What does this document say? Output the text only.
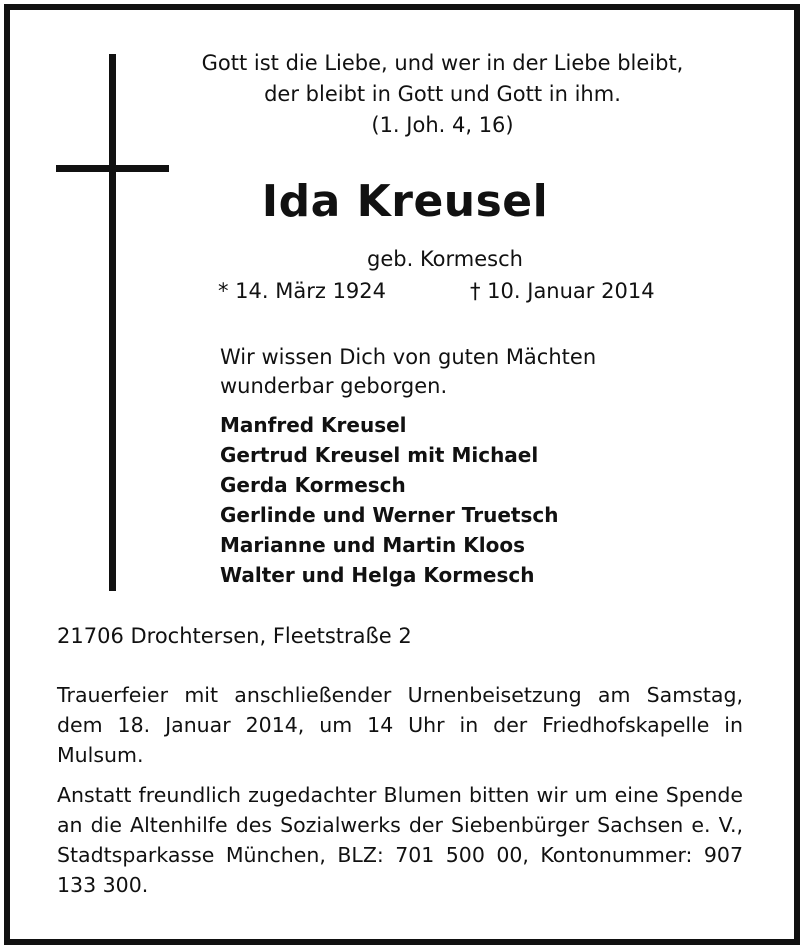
Gott ist die Liebe, und wer in der Liebe bleibt,
der bleibt in Gott und Gott in ihm.
(1. Joh. 4, 16)
Ida Kreusel
geb. Kormesch
* 14. März 1924	† 10. Januar 2014
Wir wissen Dich von guten Mächten
wunderbar geborgen.
Manfred Kreusel
Gertrud Kreusel mit Michael
Gerda Kormesch
Gerlinde und Werner Truetsch
Marianne und Martin Kloos
Walter und Helga Kormesch
21706 Drochtersen, Fleetstraße 2
Trauerfeier mit anschließender Urnenbeisetzung am Samstag, dem 18. Januar 2014, um 14 Uhr in der Friedhofskapelle in Mulsum.
Anstatt freundlich zugedachter Blumen bitten wir um eine Spende an die Altenhilfe des Sozialwerks der Siebenbürger Sachsen e. V., Stadtsparkasse München, BLZ: 701 500 00, Kontonummer: 907 133 300.
